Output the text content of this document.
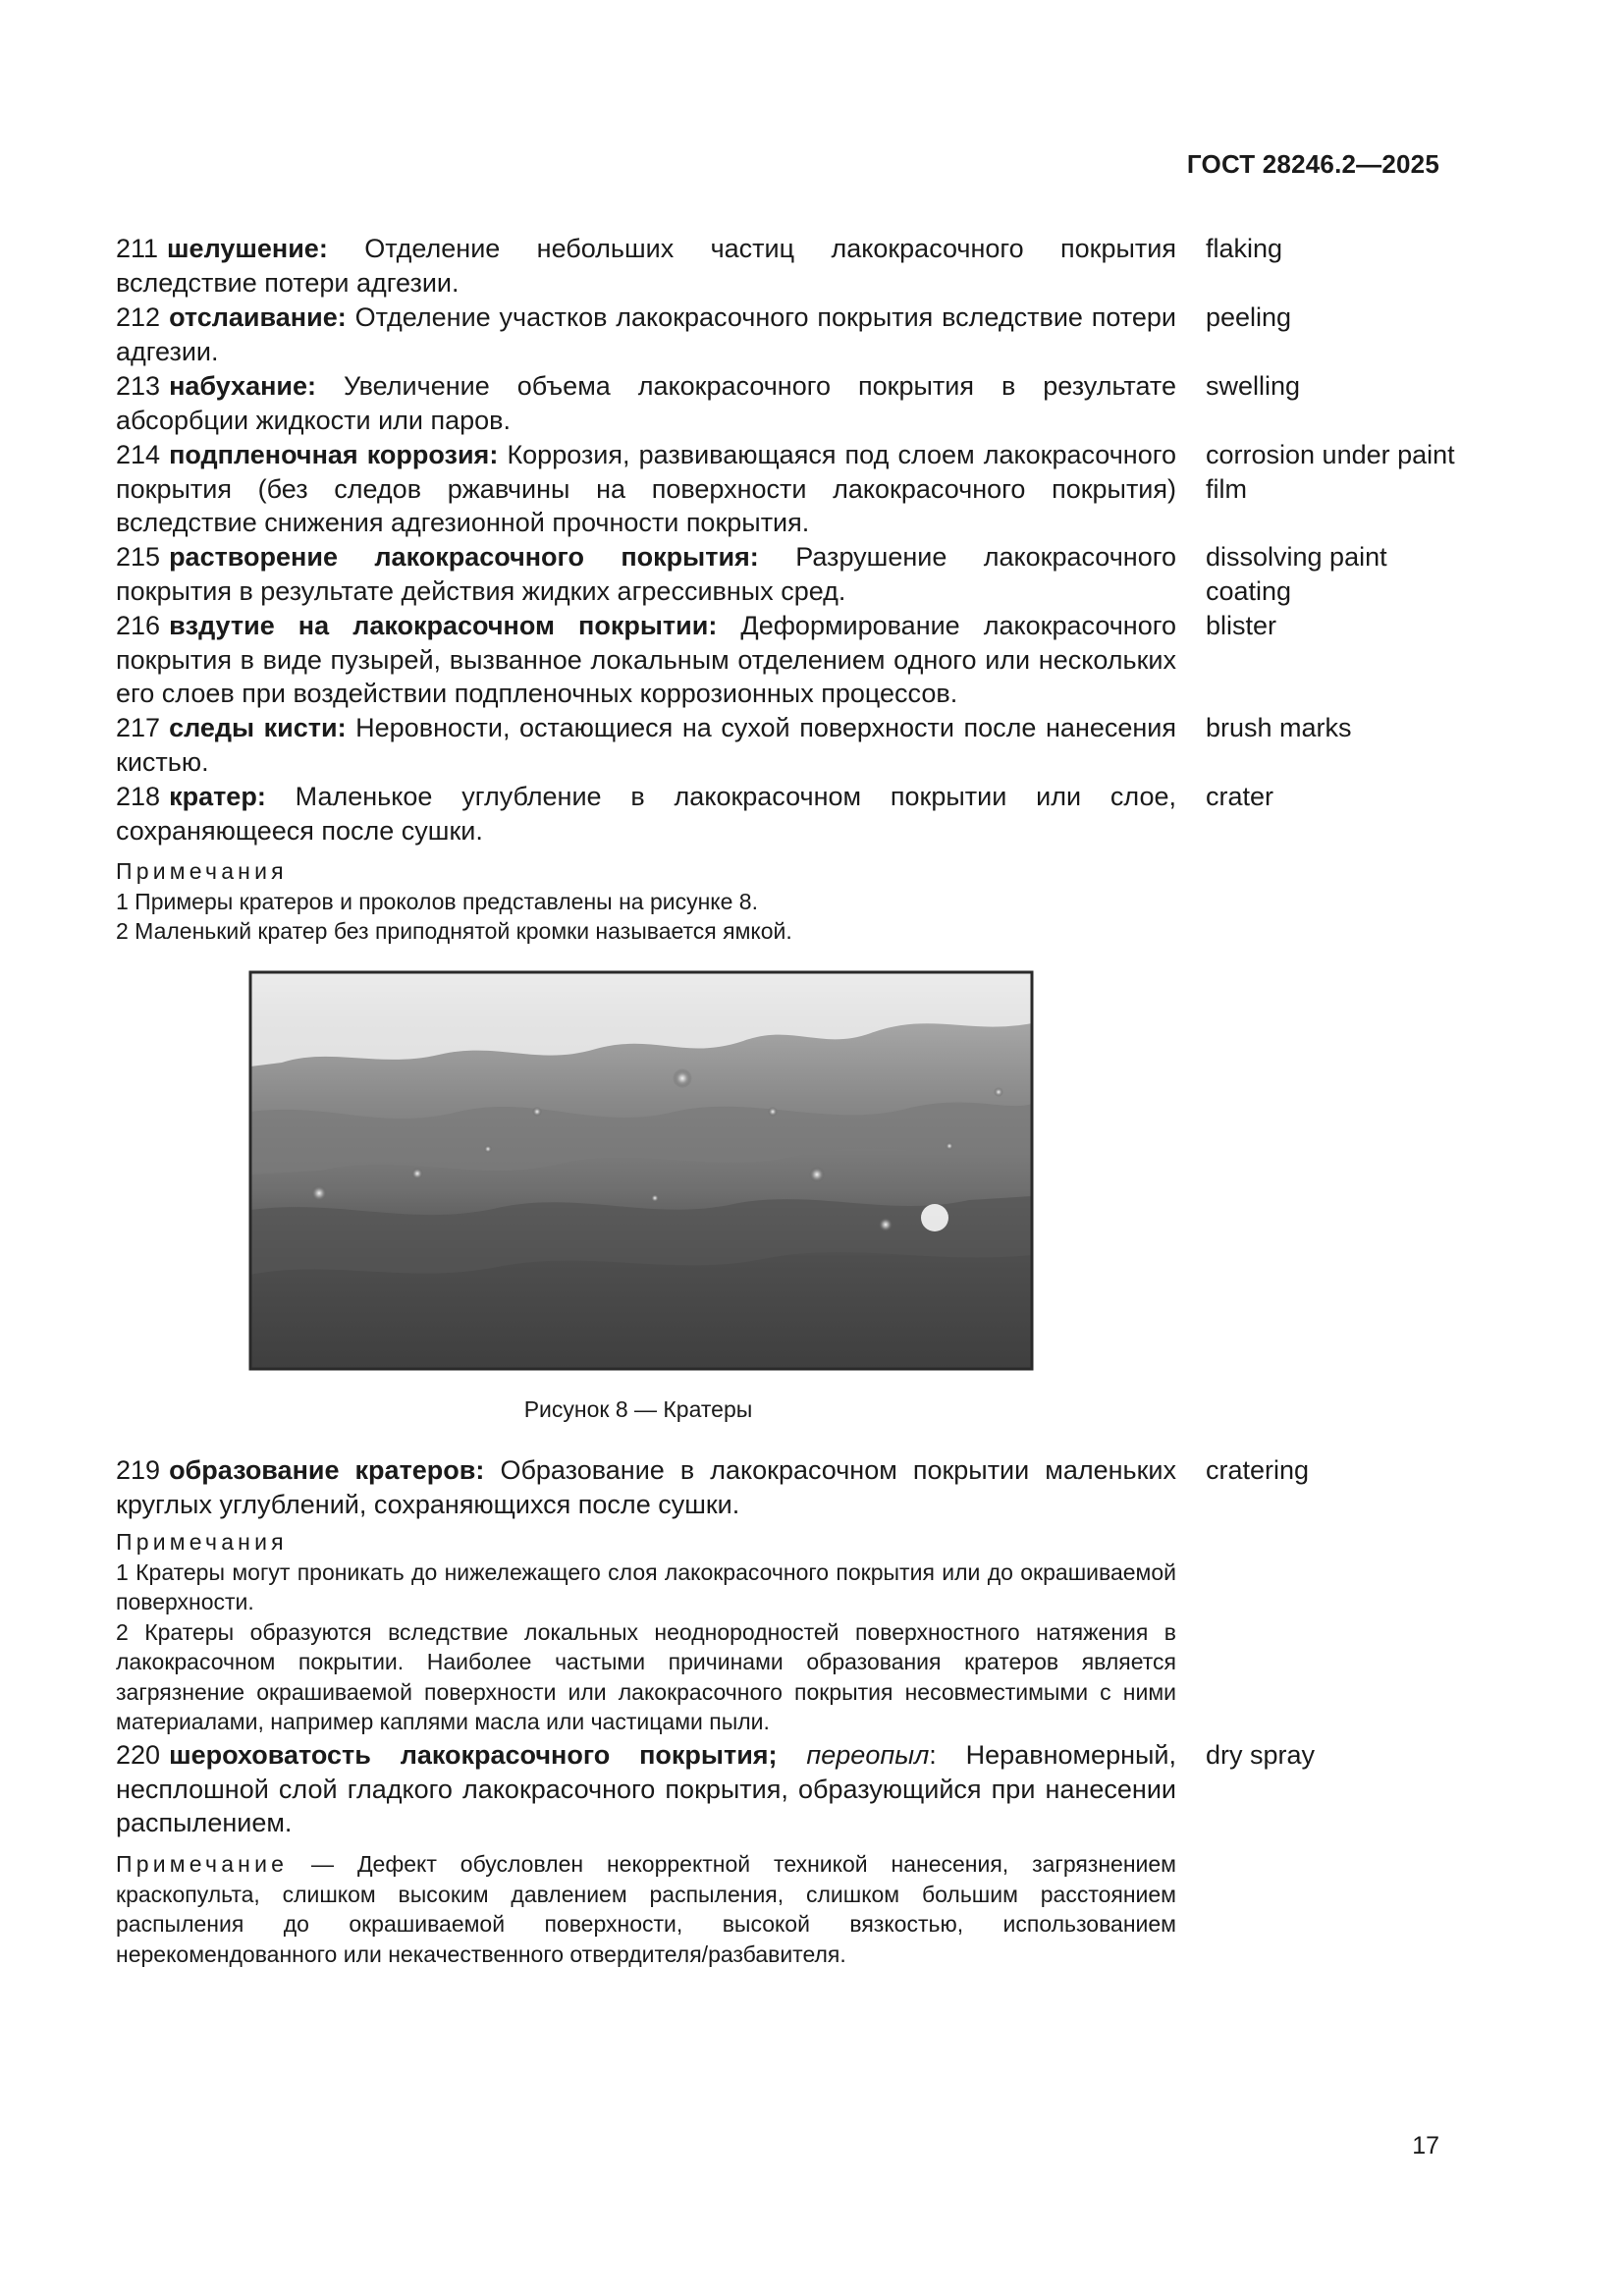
ГОСТ 28246.2—2025
211 шелушение: Отделение небольших частиц лакокрасочного покрытия вследствие потери адгезии.
flaking
212 отслаивание: Отделение участков лакокрасочного покрытия вследствие потери адгезии.
peeling
213 набухание: Увеличение объема лакокрасочного покрытия в результате абсорбции жидкости или паров.
swelling
214 подпленочная коррозия: Коррозия, развивающаяся под слоем лакокрасочного покрытия (без следов ржавчины на поверхности лакокрасочного покрытия) вследствие снижения адгезионной прочности покрытия.
corrosion under paint film
215 растворение лакокрасочного покрытия: Разрушение лакокрасочного покрытия в результате действия жидких агрессивных сред.
dissolving paint coating
216 вздутие на лакокрасочном покрытии: Деформирование лакокрасочного покрытия в виде пузырей, вызванное локальным отделением одного или нескольких его слоев при воздействии подпленочных коррозионных процессов.
blister
217 следы кисти: Неровности, остающиеся на сухой поверхности после нанесения кистью.
brush marks
218 кратер: Маленькое углубление в лакокрасочном покрытии или слое, сохраняющееся после сушки.
crater
Примечания
1 Примеры кратеров и проколов представлены на рисунке 8.
2 Маленький кратер без приподнятой кромки называется ямкой.
Рисунок 8 — Кратеры
219 образование кратеров: Образование в лакокрасочном покрытии маленьких круглых углублений, сохраняющихся после сушки.
cratering
Примечания
1 Кратеры могут проникать до нижележащего слоя лакокрасочного покрытия или до окрашиваемой поверхности.
2 Кратеры образуются вследствие локальных неоднородностей поверхностного натяжения в лакокрасочном покрытии. Наиболее частыми причинами образования кратеров является загрязнение окрашиваемой поверхности или лакокрасочного покрытия несовместимыми с ними материалами, например каплями масла или частицами пыли.
220 шероховатость лакокрасочного покрытия; переопыл: Неравномерный, несплошной слой гладкого лакокрасочного покрытия, образующийся при нанесении распылением.
dry spray
Примечание — Дефект обусловлен некорректной техникой нанесения, загрязнением краскопульта, слишком высоким давлением распыления, слишком большим расстоянием распыления до окрашиваемой поверхности, высокой вязкостью, использованием нерекомендованного или некачественного отвердителя/разбавителя.
17
